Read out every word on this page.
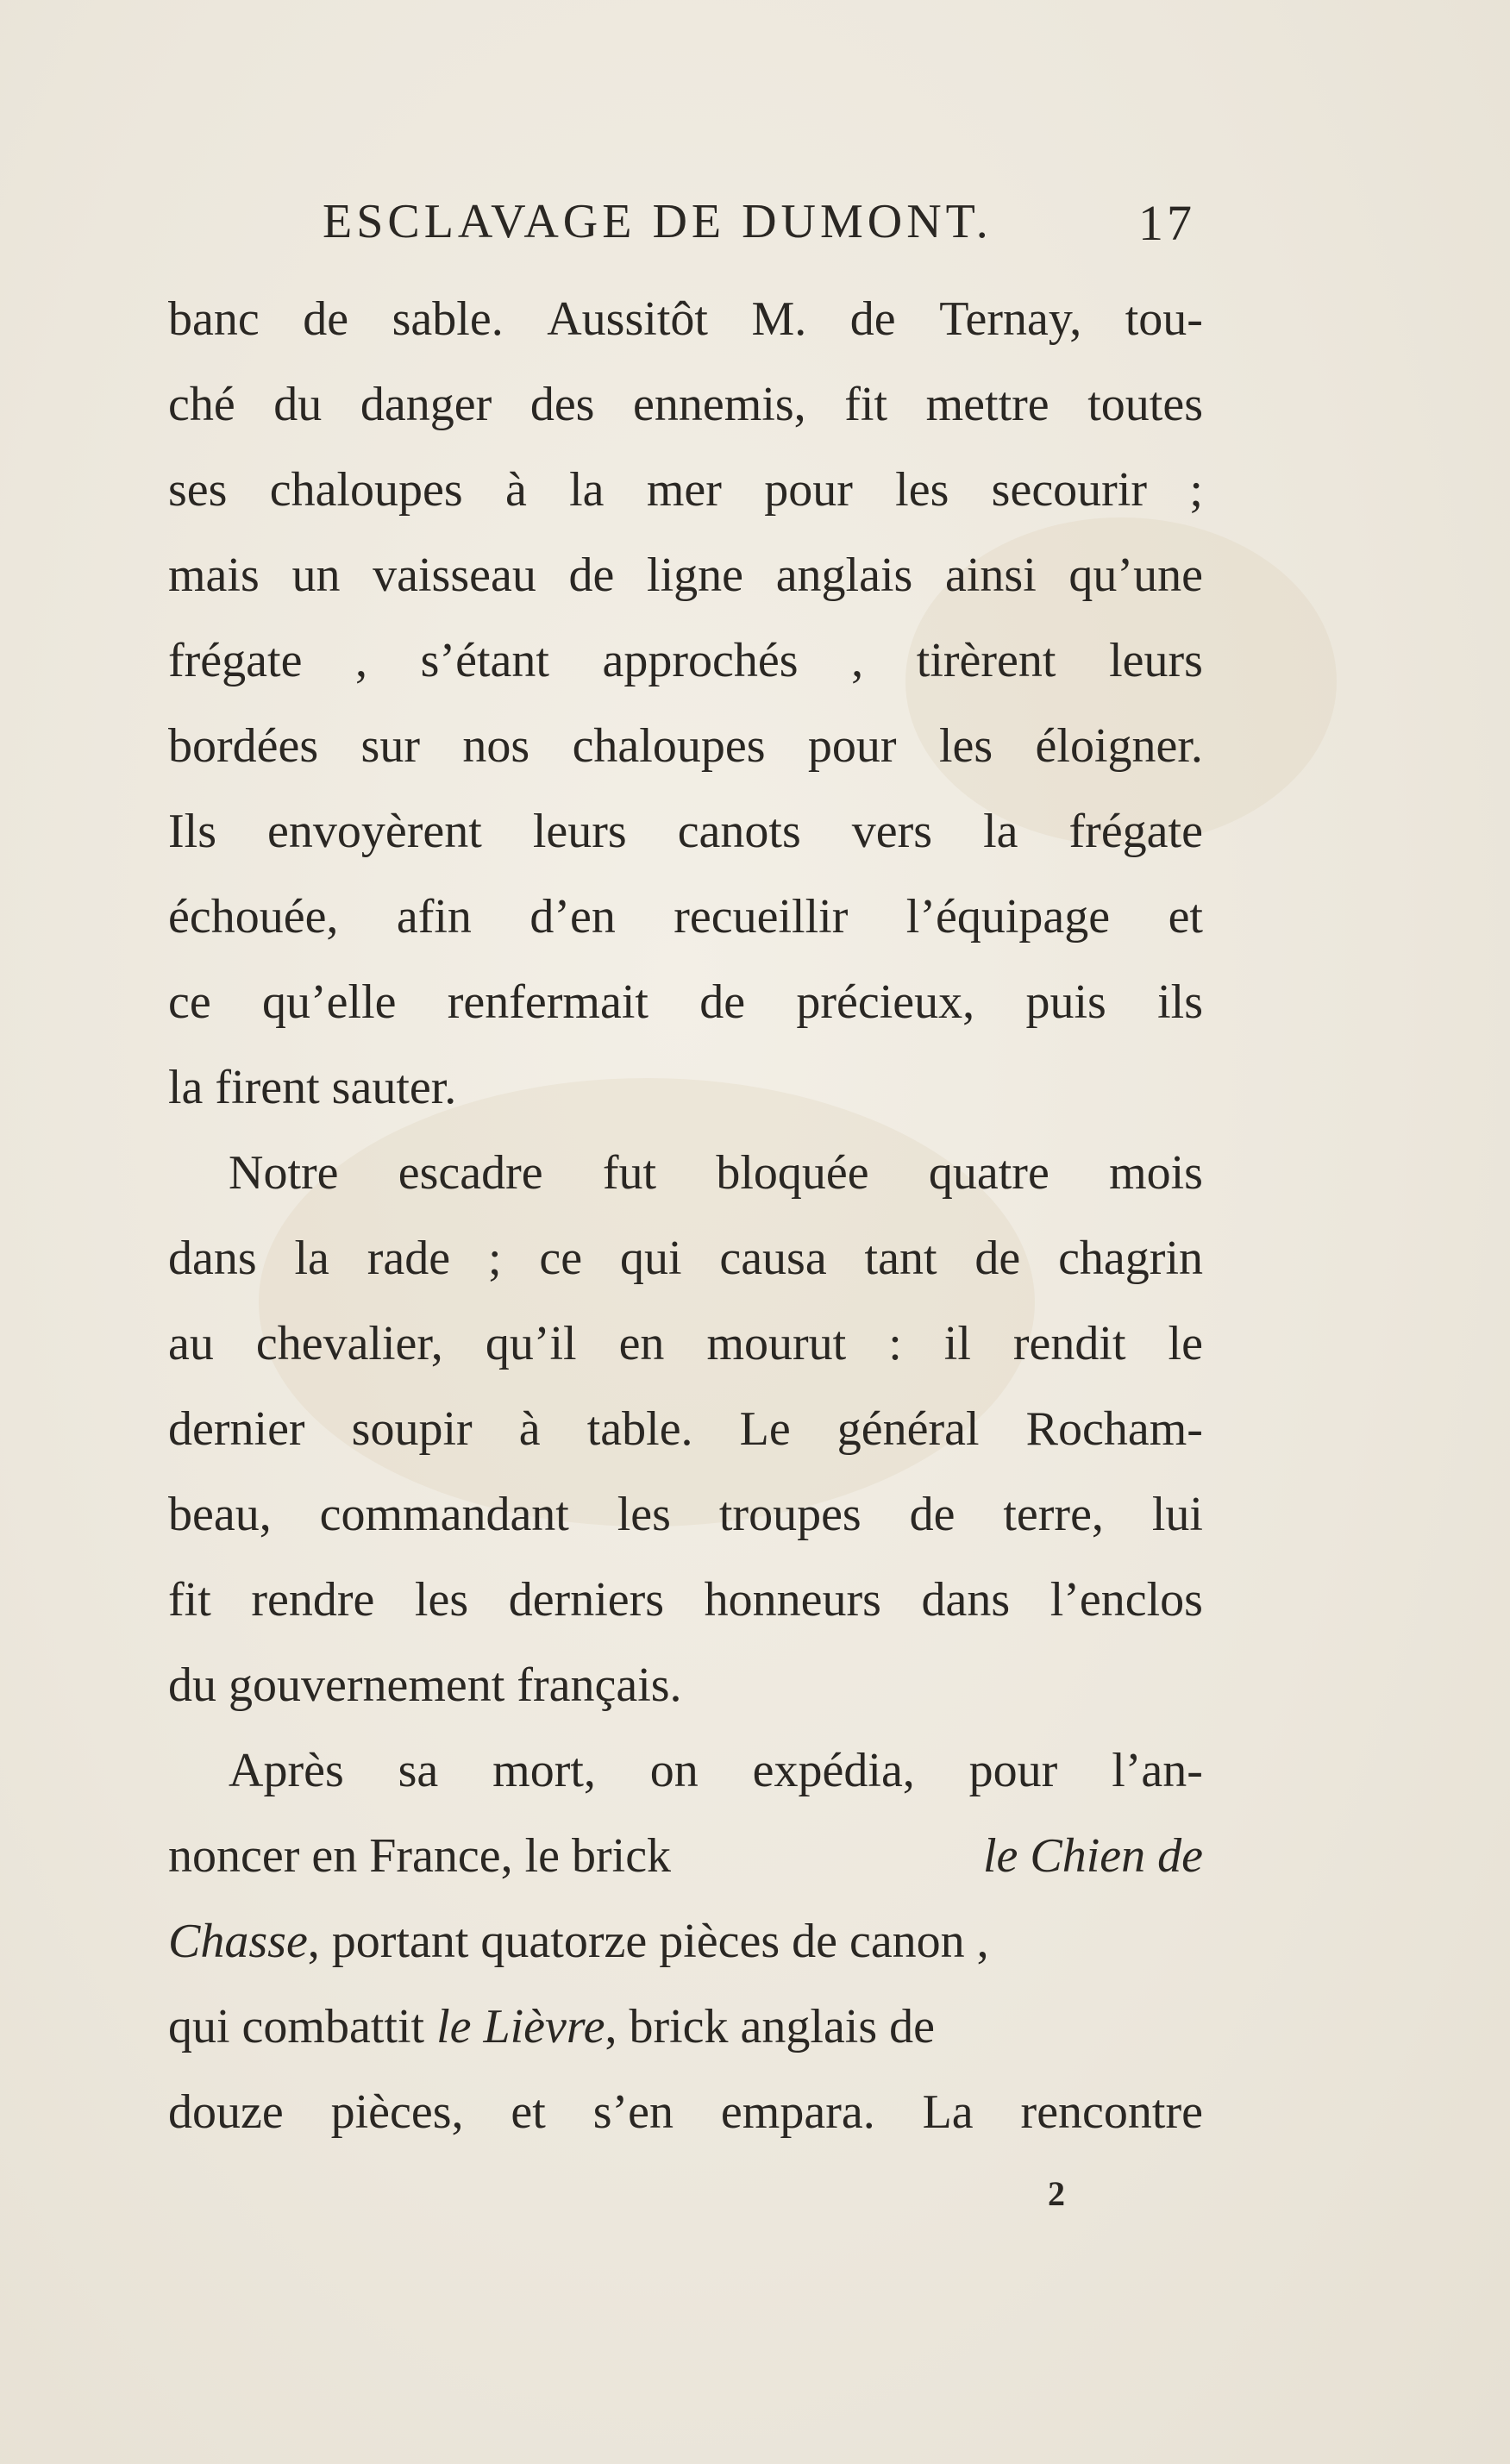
ESCLAVAGE DE DUMONT.	17
banc de sable. Aussitôt M. de Ternay, tou-
ché du danger des ennemis, fit mettre toutes
ses chaloupes à la mer pour les secourir ;
mais un vaisseau de ligne anglais ainsi qu’une
frégate , s’étant approchés , tirèrent leurs
bordées sur nos chaloupes pour les éloigner.
Ils envoyèrent leurs canots vers la frégate
échouée, afin d’en recueillir l’équipage et
ce qu’elle renfermait de précieux, puis ils
la firent sauter.
Notre escadre fut bloquée quatre mois
dans la rade ; ce qui causa tant de chagrin
au chevalier, qu’il en mourut : il rendit le
dernier soupir à table. Le général Rocham-
beau, commandant les troupes de terre, lui
fit rendre les derniers honneurs dans l’enclos
du gouvernement français.
Après sa mort, on expédia, pour l’an-
noncer en France, le brick	le Chien de
Chasse, portant quatorze pièces de canon ,
qui combattit le Lièvre, brick anglais de
douze pièces, et s’en empara. La rencontre
2
